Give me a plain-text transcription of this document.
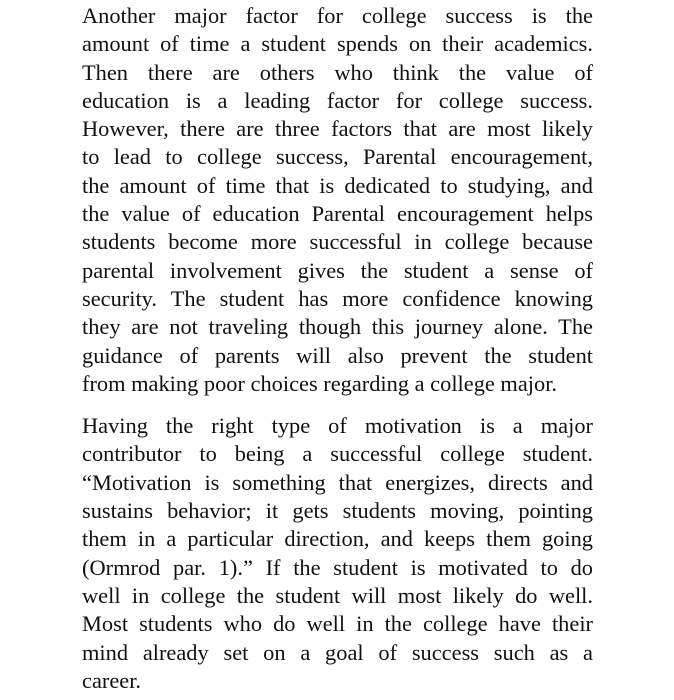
Another major factor for college success is the
amount of time a student spends on their academics.
Then there are others who think the value of
education is a leading factor for college success.
However, there are three factors that are most likely
to lead to college success, Parental encouragement,
the amount of time that is dedicated to studying, and
the value of education Parental encouragement helps
students become more successful in college because
parental involvement gives the student a sense of
security. The student has more confidence knowing
they are not traveling though this journey alone. The
guidance of parents will also prevent the student
from making poor choices regarding a college major.
Having the right type of motivation is a major
contributor to being a successful college student.
“Motivation is something that energizes, directs and
sustains behavior; it gets students moving, pointing
them in a particular direction, and keeps them going
(Ormrod par. 1).” If the student is motivated to do
well in college the student will most likely do well.
Most students who do well in the college have their
mind already set on a goal of success such as a
career.
